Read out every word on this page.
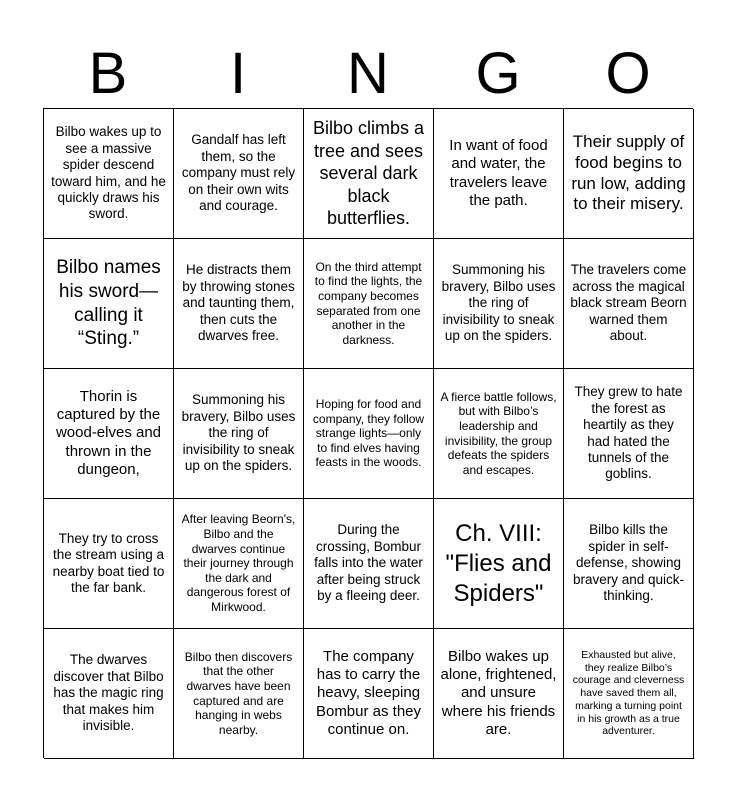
B	I	N	G	O
Bilbo wakes up to see a massive spider descend toward him, and he quickly draws his sword.
Gandalf has left them, so the company must rely on their own wits and courage.
Bilbo climbs a tree and sees several dark black butterflies.
In want of food and water, the travelers leave the path.
Their supply of food begins to run low, adding to their misery.
Bilbo names his sword—calling it “Sting.”
He distracts them by throwing stones and taunting them, then cuts the dwarves free.
On the third attempt to find the lights, the company becomes separated from one another in the darkness.
Summoning his bravery, Bilbo uses the ring of invisibility to sneak up on the spiders.
The travelers come across the magical black stream Beorn warned them about.
Thorin is captured by the wood-elves and thrown in the dungeon,
Summoning his bravery, Bilbo uses the ring of invisibility to sneak up on the spiders.
Hoping for food and company, they follow strange lights—only to find elves having feasts in the woods.
A fierce battle follows, but with Bilbo’s leadership and invisibility, the group defeats the spiders and escapes.
They grew to hate the forest as heartily as they had hated the tunnels of the goblins.
They try to cross the stream using a nearby boat tied to the far bank.
After leaving Beorn's, Bilbo and the dwarves continue their journey through the dark and dangerous forest of Mirkwood.
During the crossing, Bombur falls into the water after being struck by a fleeing deer.
Ch. VIII: "Flies and Spiders"
Bilbo kills the spider in self-defense, showing bravery and quick-thinking.
The dwarves discover that Bilbo has the magic ring that makes him invisible.
Bilbo then discovers that the other dwarves have been captured and are hanging in webs nearby.
The company has to carry the heavy, sleeping Bombur as they continue on.
Bilbo wakes up alone, frightened, and unsure where his friends are.
Exhausted but alive, they realize Bilbo’s courage and cleverness have saved them all, marking a turning point in his growth as a true adventurer.
